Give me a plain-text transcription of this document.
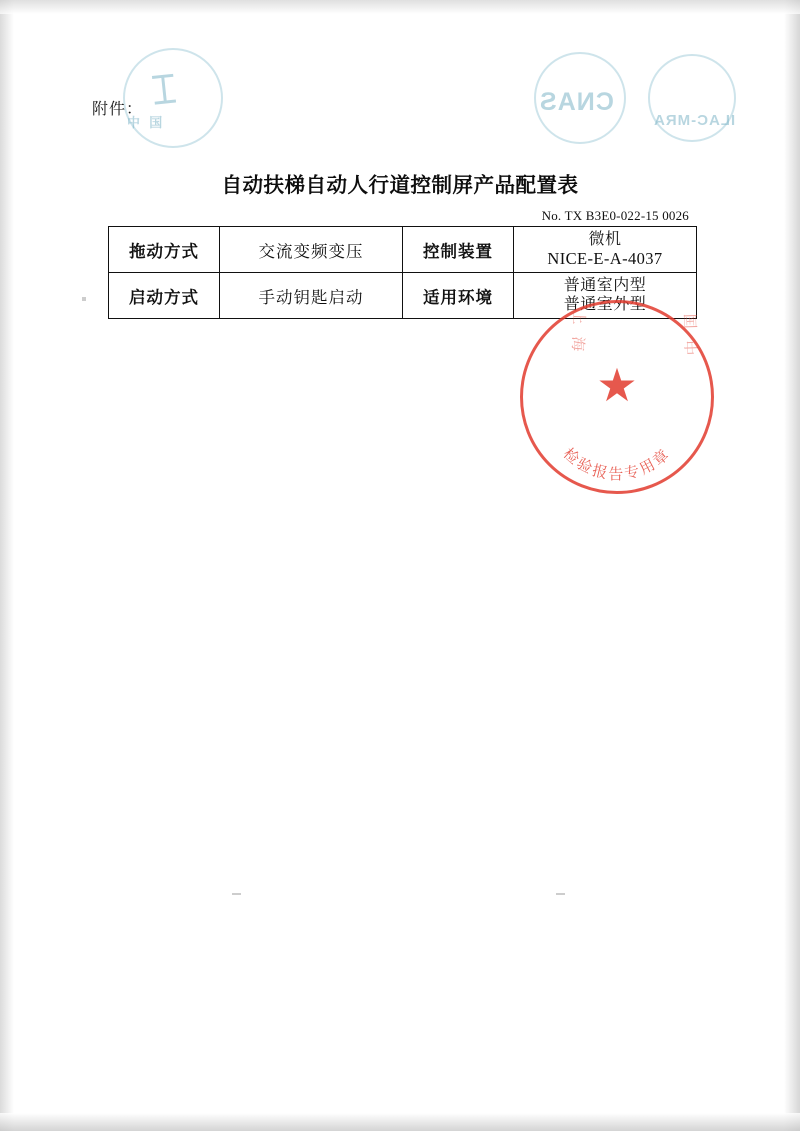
⌶
中 国
CNAS
ILAC-MRA
附件：
自动扶梯自动人行道控制屏产品配置表
No. TX B3E0-022-15 0026
拖动方式	交流变频变压	控制装置	微机
NICE-E-A-4037

启动方式	手动钥匙启动	适用环境	普通室内型
普通室外型
检验报告专用章
★
上 海	中 国
